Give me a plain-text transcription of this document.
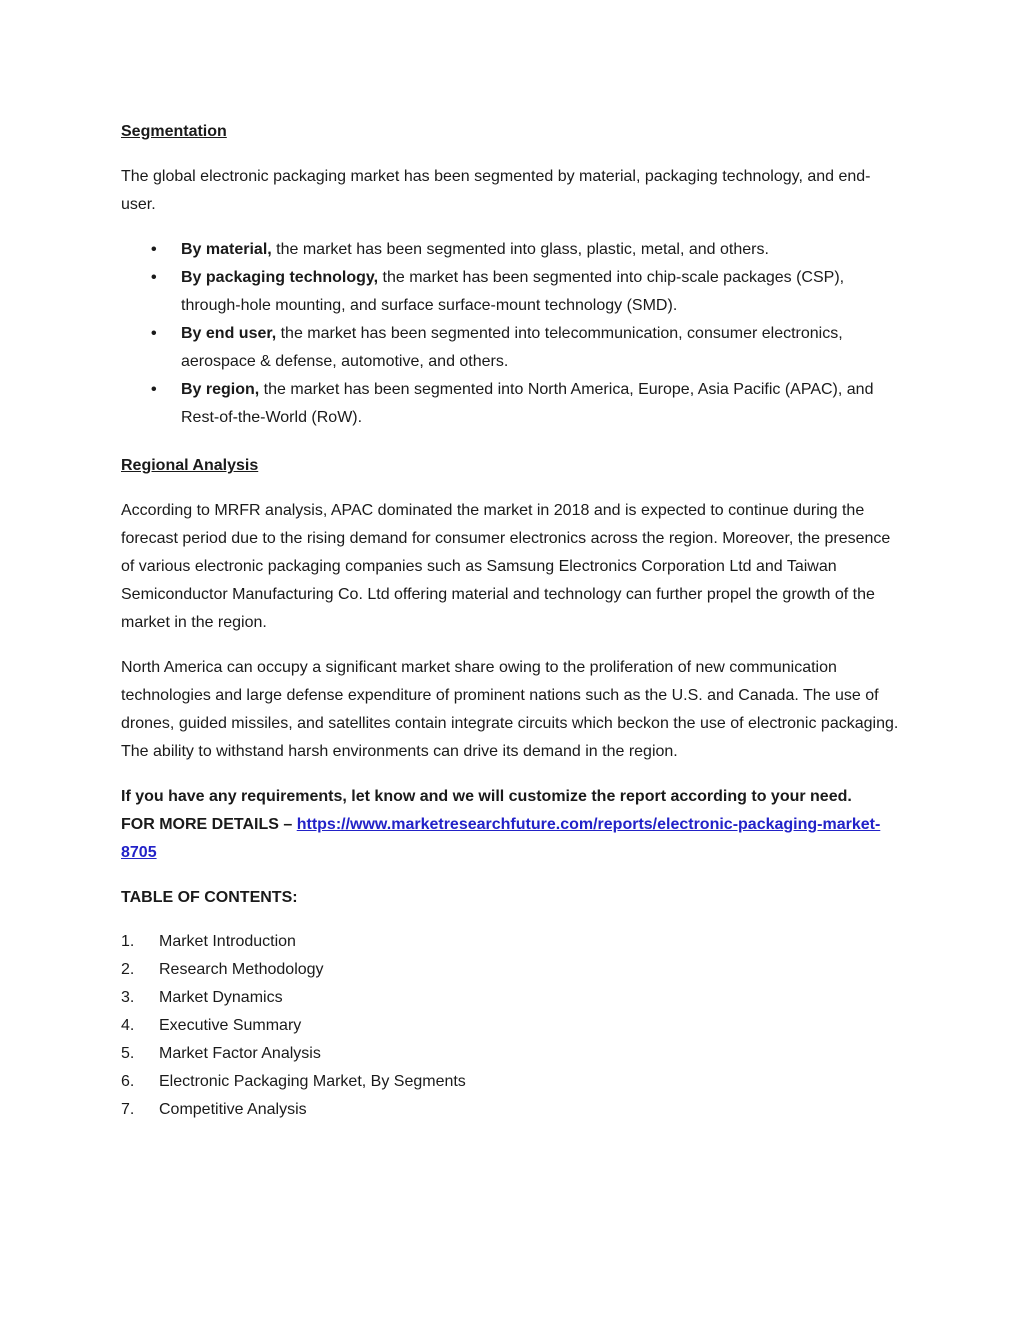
Segmentation

The global electronic packaging market has been segmented by material, packaging technology, and end-user.

• By material, the market has been segmented into glass, plastic, metal, and others.
• By packaging technology, the market has been segmented into chip-scale packages (CSP), through-hole mounting, and surface surface-mount technology (SMD).
• By end user, the market has been segmented into telecommunication, consumer electronics, aerospace & defense, automotive, and others.
• By region, the market has been segmented into North America, Europe, Asia Pacific (APAC), and Rest-of-the-World (RoW).
Regional Analysis

According to MRFR analysis, APAC dominated the market in 2018 and is expected to continue during the forecast period due to the rising demand for consumer electronics across the region. Moreover, the presence of various electronic packaging companies such as Samsung Electronics Corporation Ltd and Taiwan Semiconductor Manufacturing Co. Ltd offering material and technology can further propel the growth of the market in the region.

North America can occupy a significant market share owing to the proliferation of new communication technologies and large defense expenditure of prominent nations such as the U.S. and Canada. The use of drones, guided missiles, and satellites contain integrate circuits which beckon the use of electronic packaging. The ability to withstand harsh environments can drive its demand in the region.

If you have any requirements, let know and we will customize the report according to your need.
FOR MORE DETAILS – https://www.marketresearchfuture.com/reports/electronic-packaging-market-8705

TABLE OF CONTENTS:
Market Introduction
Research Methodology
Market Dynamics
Executive Summary
Market Factor Analysis
Electronic Packaging Market, By Segments
Competitive Analysis
